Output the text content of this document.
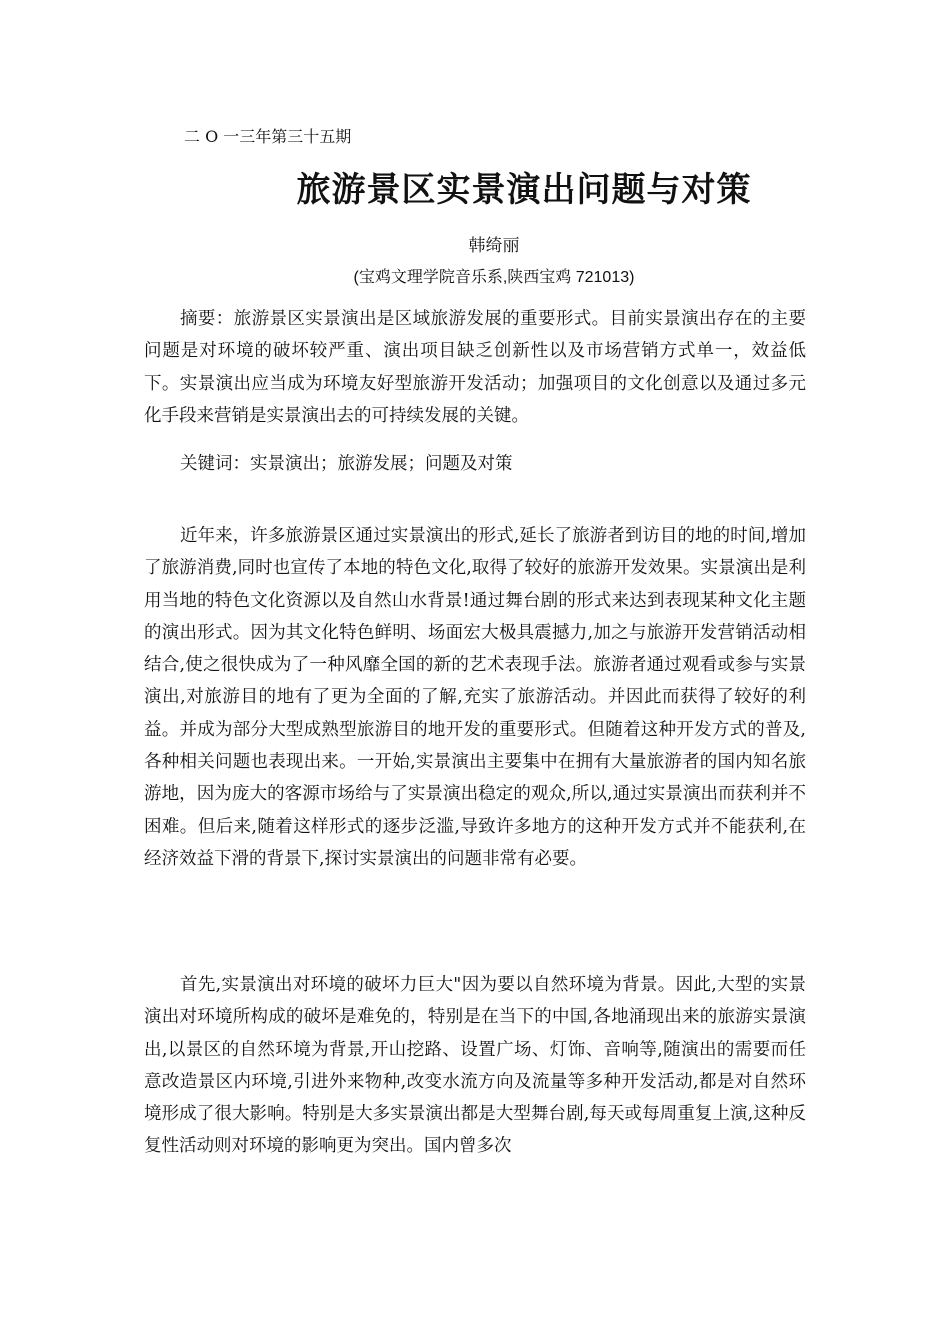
二 O 一三年第三十五期
旅游景区实景演出问题与对策
韩绮丽
(宝鸡文理学院音乐系,陕西宝鸡 721013)

摘要：旅游景区实景演出是区域旅游发展的重要形式。目前实景演出存在的主要问题是对环境的破坏较严重、演出项目缺乏创新性以及市场营销方式单一，效益低下。实景演出应当成为环境友好型旅游开发活动；加强项目的文化创意以及通过多元化手段来营销是实景演出去的可持续发展的关键。

关键词：实景演出；旅游发展；问题及对策

近年来，许多旅游景区通过实景演出的形式,延长了旅游者到访目的地的时间,增加了旅游消费,同时也宣传了本地的特色文化,取得了较好的旅游开发效果。实景演出是利用当地的特色文化资源以及自然山水背景!通过舞台剧的形式来达到表现某种文化主题的演出形式。因为其文化特色鲜明、场面宏大极具震撼力,加之与旅游开发营销活动相结合,使之很快成为了一种风靡全国的新的艺术表现手法。旅游者通过观看或参与实景演出,对旅游目的地有了更为全面的了解,充实了旅游活动。并因此而获得了较好的利益。并成为部分大型成熟型旅游目的地开发的重要形式。但随着这种开发方式的普及,各种相关问题也表现出来。一开始,实景演出主要集中在拥有大量旅游者的国内知名旅游地，因为庞大的客源市场给与了实景演出稳定的观众,所以,通过实景演出而获利并不困难。但后来,随着这样形式的逐步泛滥,导致许多地方的这种开发方式并不能获利,在经济效益下滑的背景下,探讨实景演出的问题非常有必要。

首先,实景演出对环境的破坏力巨大"因为要以自然环境为背景。因此,大型的实景演出对环境所构成的破坏是难免的，特别是在当下的中国,各地涌现出来的旅游实景演出,以景区的自然环境为背景,开山挖路、设置广场、灯饰、音响等,随演出的需要而任意改造景区内环境,引进外来物种,改变水流方向及流量等多种开发活动,都是对自然环境形成了很大影响。特别是大多实景演出都是大型舞台剧,每天或每周重复上演,这种反复性活动则对环境的影响更为突出。国内曾多次
